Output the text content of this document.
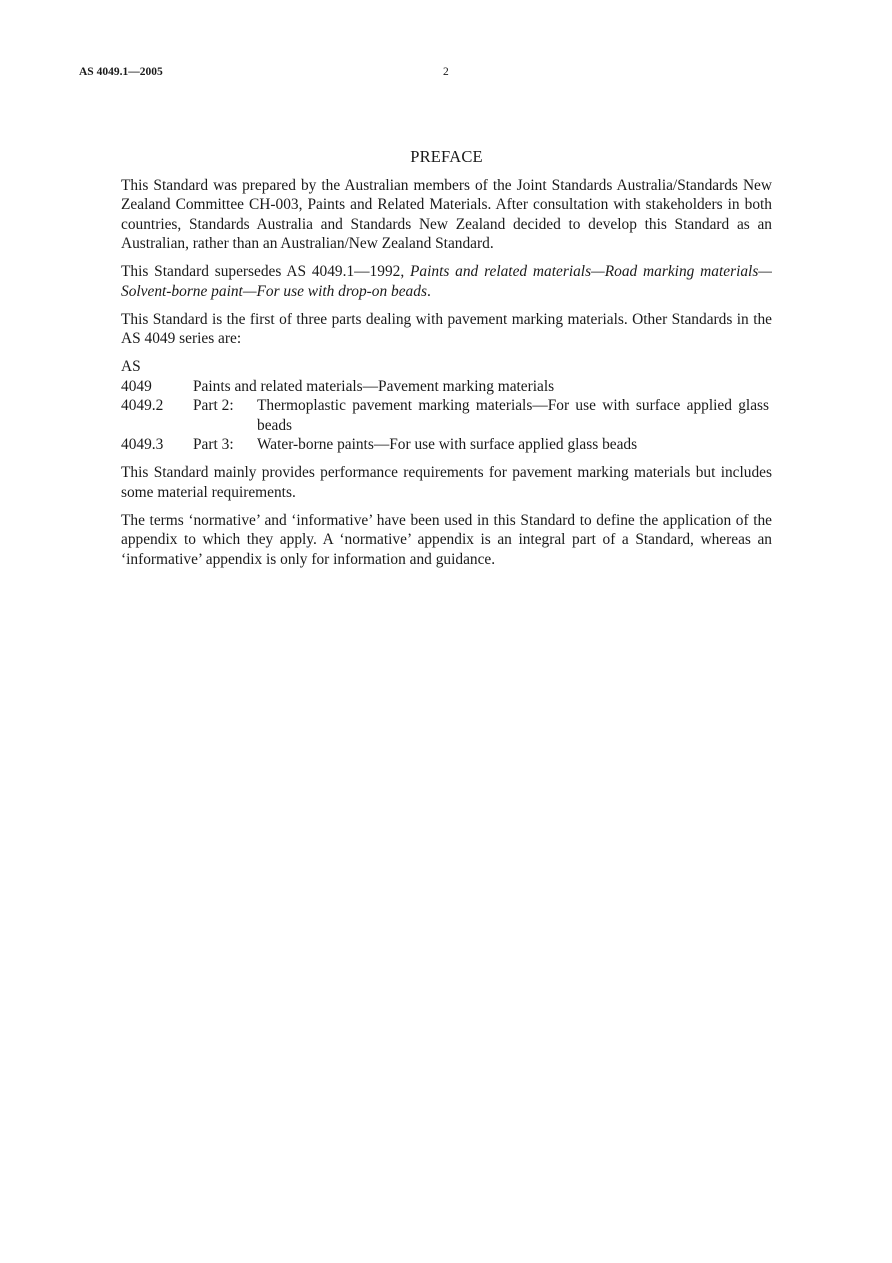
AS 4049.1—2005	2
PREFACE

This Standard was prepared by the Australian members of the Joint Standards Australia/Standards New Zealand Committee CH-003, Paints and Related Materials. After consultation with stakeholders in both countries, Standards Australia and Standards New Zealand decided to develop this Standard as an Australian, rather than an Australian/New Zealand Standard.

This Standard supersedes AS 4049.1—1992, Paints and related materials—Road marking materials—Solvent-borne paint—For use with drop-on beads.

This Standard is the first of three parts dealing with pavement marking materials. Other Standards in the AS 4049 series are:

AS
4049	Paints and related materials—Pavement marking materials
4049.2	Part 2:	Thermoplastic pavement marking materials—For use with surface applied glass beads
4049.3	Part 3:	Water-borne paints—For use with surface applied glass beads

This Standard mainly provides performance requirements for pavement marking materials but includes some material requirements.

The terms ‘normative’ and ‘informative’ have been used in this Standard to define the application of the appendix to which they apply. A ‘normative’ appendix is an integral part of a Standard, whereas an ‘informative’ appendix is only for information and guidance.
